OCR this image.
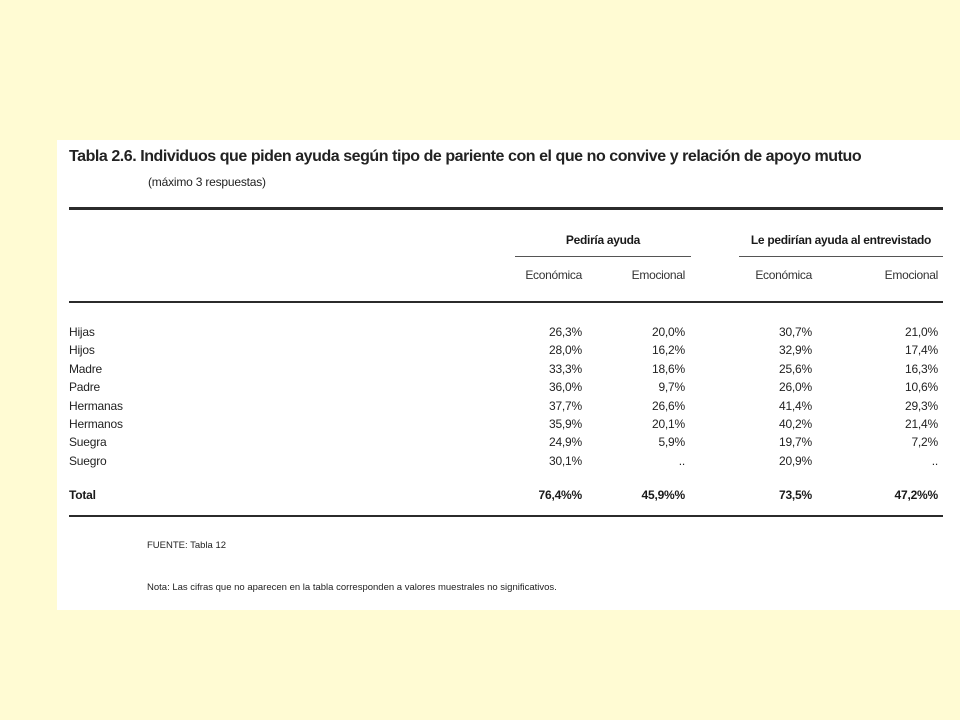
Tabla 2.6. Individuos que piden ayuda según tipo de pariente con el que no convive y relación de apoyo mutuo
(máximo 3 respuestas)
Pediría ayuda	Le pedirían ayuda al entrevistado
Económica	Emocional	Económica	Emocional
Hijas	26,3%	20,0%	30,7%	21,0%
Hijos	28,0%	16,2%	32,9%	17,4%
Madre	33,3%	18,6%	25,6%	16,3%
Padre	36,0%	9,7%	26,0%	10,6%
Hermanas	37,7%	26,6%	41,4%	29,3%
Hermanos	35,9%	20,1%	40,2%	21,4%
Suegra	24,9%	5,9%	19,7%	7,2%
Suegro	30,1%	..	20,9%	..
Total	76,4%%	45,9%%	73,5%	47,2%%
FUENTE: Tabla 12
Nota: Las cifras que no aparecen en la tabla corresponden a valores muestrales no significativos.
